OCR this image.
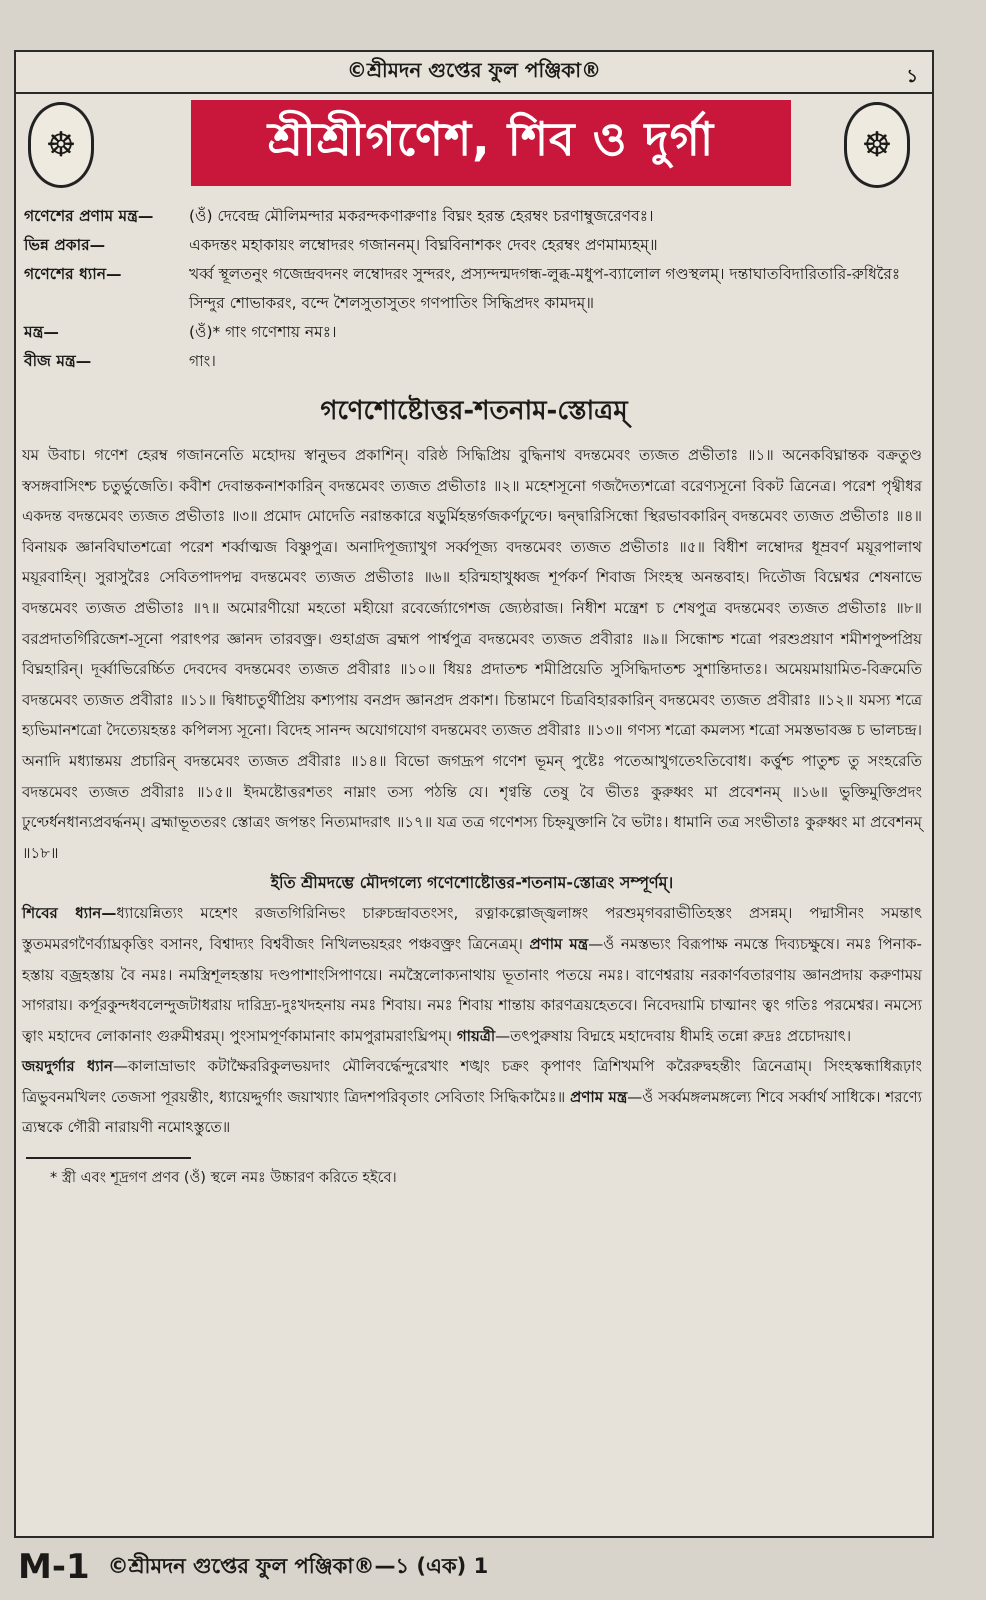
©শ্রীমদন গুপ্তের ফুল পঞ্জিকা®	১
☸	শ্রীশ্রীগণেশ, শিব ও দুর্গা	☸
গণেশের প্রণাম মন্ত্র—	(ওঁ) দেবেন্দ্র মৌলিমন্দার মকরন্দকণারুণাঃ বিঘ্নং হরন্ত হেরম্বং চরণাম্বুজরেণবঃ।
ভিন্ন প্রকার—	একদন্তং মহাকায়ং লম্বোদরং গজাননম্। বিঘ্নবিনাশকং দেবং হেরম্বং প্রণমাম্যহম্॥
গণেশের ধ্যান—	খর্ব্ব স্থূলতনুং গজেন্দ্রবদনং লম্বোদরং সুন্দরং, প্রস্যন্দন্মদগন্ধ-লুব্ধ-মধুপ-ব্যালোল গণ্ডস্থলম্। দন্তাঘাতবিদারিতারি-রুধিরৈঃ সিন্দুর শোভাকরং, বন্দে শৈলসুতাসুতং গণপাতিং সিদ্ধিপ্রদং কামদম্॥
মন্ত্র—	(ওঁ)* গাং গণেশায় নমঃ।
বীজ মন্ত্র—	গাং।
গণেশোষ্টোত্তর-শতনাম-স্তোত্রম্

যম উবাচ। গণেশ হেরম্ব গজাননেতি মহোদয় স্বানুভব প্রকাশিন্। বরিষ্ঠ সিদ্ধিপ্রিয় বুদ্ধিনাথ বদন্তমেবং ত্যজত প্রভীতাঃ ॥১॥ অনেকবিঘ্নান্তক বক্রতুণ্ড স্বসঙ্গবাসিংশ্চ চতুর্ভুজেতি। কবীশ দেবান্তকনাশকারিন্ বদন্তমেবং ত্যজত প্রভীতাঃ ॥২॥ মহেশসূনো গজদৈত্যশত্রো বরেণ্যসূনো বিকট ত্রিনেত্র। পরেশ পৃথ্বীধর একদন্ত বদন্তমেবং ত্যজত প্রভীতাঃ ॥৩॥ প্রমোদ মোদেতি নরান্তকারে ষড়ুর্মিহন্তর্গজকর্ণঢুণ্ঢে। দ্বন্দ্বারিসিন্ধো স্থিরভাবকারিন্ বদন্তমেবং ত্যজত প্রভীতাঃ ॥৪॥ বিনায়ক জ্ঞানবিঘাতশত্রো পরেশ শর্ব্বাত্মজ বিষ্ণুপুত্র। অনাদিপূজ্যাখুগ সর্ব্বপূজ্য বদন্তমেবং ত্যজত প্রভীতাঃ ॥৫॥ বিধীশ লম্বোদর ধূম্রবর্ণ ময়ূরপালাথ ময়ূরবাহিন্। সুরাসুরৈঃ সেবিতপাদপদ্ম বদন্তমেবং ত্যজত প্রভীতাঃ ॥৬॥ হরিন্মহাখুধ্বজ শূর্পকর্ণ শিবাজ সিংহস্থ অনন্তবাহ। দিতৌজ বিঘ্নেশ্বর শেষনাভে বদন্তমেবং ত্যজত প্রভীতাঃ ॥৭॥ অমোরণীয়ো মহতো মহীয়ো রবের্জ্যোগেশজ জ্যেষ্ঠরাজ। নিধীশ মন্ত্রেশ চ শেষপুত্র বদন্তমেবং ত্যজত প্রভীতাঃ ॥৮॥ বরপ্রদাতর্গিরিজেশ-সূনো পরাৎপর জ্ঞানদ তারবক্ত্র। গুহাগ্রজ ব্রহ্মপ পার্শ্বপুত্র বদন্তমেবং ত্যজত প্রবীরাঃ ॥৯॥ সিন্ধোশ্চ শত্রো পরশুপ্রয়াণ শমীশপুষ্পপ্রিয় বিঘ্নহারিন্। দূর্ব্বাভিরের্চ্চিত দেবদেব বদন্তমেবং ত্যজত প্রবীরাঃ ॥১০॥ ধিয়ঃ প্রদাতশ্চ শমীপ্রিয়েতি সুসিদ্ধিদাতশ্চ সুশান্তিদাতঃ। অমেয়মায়ামিত-বিক্রমেতি বদন্তমেবং ত্যজত প্রবীরাঃ ॥১১॥ দ্বিধাচতুর্থীপ্রিয় কশ্যপায় বনপ্রদ জ্ঞানপ্রদ প্রকাশ। চিন্তামণে চিত্রবিহারকারিন্ বদন্তমেবং ত্যজত প্রবীরাঃ ॥১২॥ যমস্য শত্রে হ্যভিমানশত্রো দৈত্যেয়হন্তঃ কপিলস্য সূনো। বিদেহ সানন্দ অযোগযোগ বদন্তমেবং ত্যজত প্রবীরাঃ ॥১৩॥ গণস্য শত্রো কমলস্য শত্রো সমস্তভাবজ্ঞ চ ভালচন্দ্র। অনাদি মধ্যান্তময় প্রচারিন্ বদন্তমেবং ত্যজত প্রবীরাঃ ॥১৪॥ বিভো জগদ্রূপ গণেশ ভূমন্ পুষ্টেঃ পতেআখুগতেঽতিবোধ। কর্ত্তুশ্চ পাতুশ্চ তু সংহরেতি বদন্তমেবং ত্যজত প্রবীরাঃ ॥১৫॥ ইদমষ্টোত্তরশতং নাম্নাং তস্য পঠন্তি যে। শৃণ্বন্তি তেষু বৈ ভীতঃ কুরুধ্বং মা প্রবেশনম্ ॥১৬॥ ভুক্তিমুক্তিপ্রদং ঢুণ্ঢের্ধনধান্যপ্রবর্দ্ধনম্। ব্রহ্মাভূততরং স্তোত্রং জপন্তং নিত্যমাদরাৎ ॥১৭॥ যত্র তত্র গণেশস্য চিহ্নযুক্তানি বৈ ভটাঃ। ধামানি তত্র সংভীতাঃ কুরুধ্বং মা প্রবেশনম্ ॥১৮॥

ইতি শ্রীমদম্ভে মৌদগল্যে গণেশোষ্টোত্তর-শতনাম-স্তোত্রং সম্পূর্ণম্।

শিবের ধ্যান—ধ্যায়েন্নিত্যং মহেশং রজতগিরিনিভং চারুচন্দ্রাবতংসং, রত্নাকল্পোজ্জ্বলাঙ্গং পরশুমৃগবরাভীতিহস্তং প্রসন্নম্। পদ্মাসীনং সমন্তাৎ স্তুতমমরগণৈর্ব্যাঘ্রকৃত্তিং বসানং, বিশ্বাদ্যং বিশ্ববীজং নিখিলভয়হরং পঞ্চবক্ত্রং ত্রিনেত্রম্। প্রণাম মন্ত্র—ওঁ নমস্তভ্যং বিরূপাক্ষ নমস্তে দিব্যচক্ষুষে। নমঃ পিনাক-হস্তায় বজ্রহস্তায় বৈ নমঃ। নমস্ত্রিশূলহস্তায় দণ্ডপাশাংসিপাণয়ে। নমস্ত্রৈলোক্যনাথায় ভূতানাং পতয়ে নমঃ। বাণেশ্বরায় নরকার্ণবতারণায় জ্ঞানপ্রদায় করুণাময় সাগরায়। কর্পূরকুন্দধবলেন্দুজটাধরায় দারিদ্র্য-দুঃখদহনায় নমঃ শিবায়। নমঃ শিবায় শান্তায় কারণত্রয়হেতবে। নিবেদয়ামি চাত্মানং ত্বং গতিঃ পরমেশ্বর। নমস্যে ত্বাং মহাদেব লোকানাং গুরুমীশ্বরম্। পুংসামপূর্ণকামানাং কামপুরামরাংঘ্রিপম্। গায়ত্রী—তৎপুরুষায় বিদ্মহে মহাদেবায় ধীমহি তন্নো রুদ্রঃ প্রচোদয়াৎ।

জয়দুর্গার ধ্যান—কালাভ্রাভাং কটাক্ষৈররিকুলভয়দাং মৌলিবর্দ্ধেন্দুরেখাং শঙ্খং চক্রং কৃপাণং ত্রিশিখমপি করৈরুদ্বহন্তীং ত্রিনেত্রাম্। সিংহস্কন্ধাধিরূঢ়াং ত্রিভুবনমখিলং তেজসা পূরয়ন্তীং, ধ্যায়েদ্দুর্গাং জয়াখ্যাং ত্রিদশপরিবৃতাং সেবিতাং সিদ্ধিকামৈঃ॥ প্রণাম মন্ত্র—ওঁ সর্ব্বমঙ্গলমঙ্গল্যে শিবে সর্ব্বার্থ সাধিকে। শরণ্যে ত্র্যম্বকে গৌরী নারায়ণী নমোঽস্তুতে॥

* স্ত্রী এবং শূদ্রগণ প্রণব (ওঁ) স্থলে নমঃ উচ্চারণ করিতে হইবে।
M-1 ©শ্রীমদন গুপ্তের ফুল পঞ্জিকা®—১ (এক) 1
